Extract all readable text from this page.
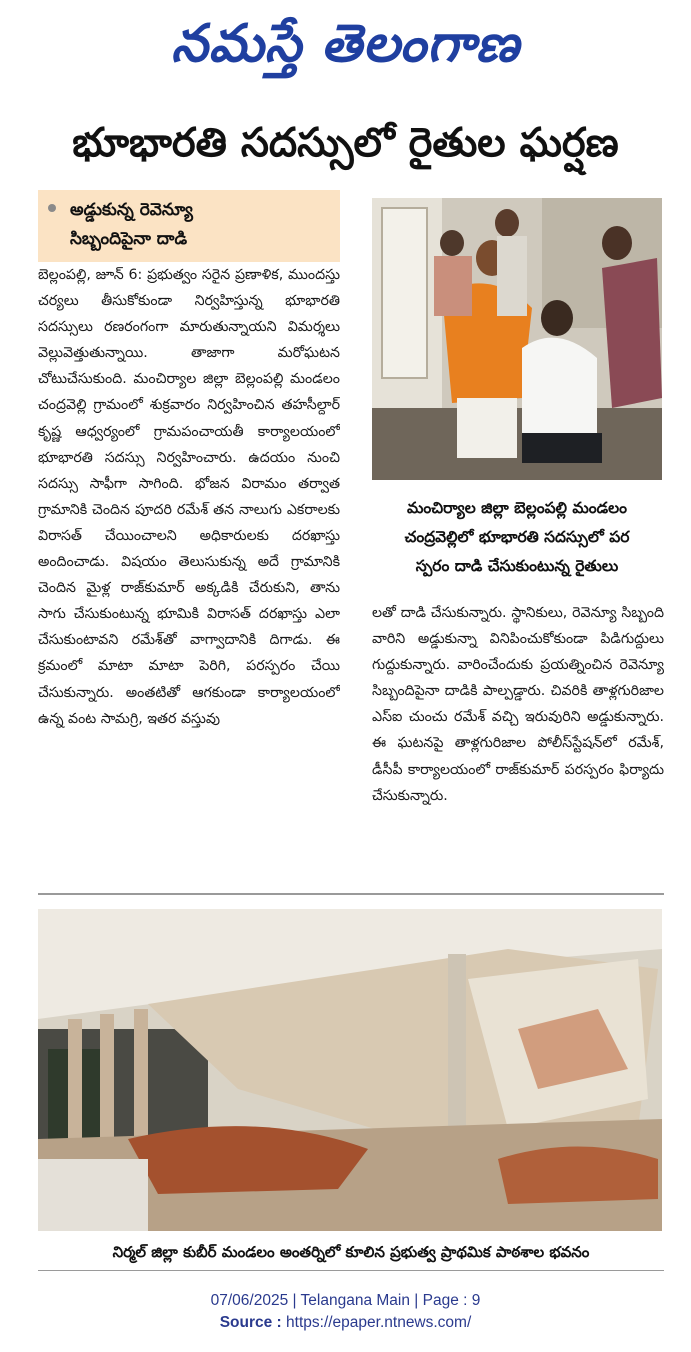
నమస్తే తెలంగాణ
భూభారతి సదస్సులో రైతుల ఘర్షణ
అడ్డుకున్న రెవెన్యూ
సిబ్బందిపైనా దాడి

బెల్లంపల్లి, జూన్ 6: ప్రభుత్వం సరైన ప్రణాళిక, ముందస్తు చర్యలు తీసుకోకుండా నిర్వహిస్తున్న భూభారతి సదస్సులు రణరంగంగా మారుతున్నాయని విమర్శలు వెల్లువెత్తుతున్నాయి. తాజాగా మరోఘటన చోటుచేసుకుంది. మంచిర్యాల జిల్లా బెల్లంపల్లి మండలం చంద్రవెల్లి గ్రామంలో శుక్రవారం నిర్వహించిన తహసీల్దార్ కృష్ణ ఆధ్వర్యంలో గ్రామపంచాయతీ కార్యాలయంలో భూభారతి సదస్సు నిర్వహించారు. ఉదయం నుంచి సదస్సు సాఫీగా సాగింది. భోజన విరామం తర్వాత గ్రామానికి చెందిన పూదరి రమేశ్ తన నాలుగు ఎకరాలకు విరాసత్ చేయించాలని అధికారులకు దరఖాస్తు అందించాడు. విషయం తెలుసుకున్న అదే గ్రామానికి చెందిన మైళ్ల రాజ్‌కుమార్ అక్కడికి చేరుకుని, తాను సాగు చేసుకుంటున్న భూమికి విరాసత్ దరఖాస్తు ఎలా చేసుకుంటావని రమేశ్‌తో వాగ్వాదానికి దిగాడు. ఈ క్రమంలో మాటా మాటా పెరిగి, పరస్పరం చేయి చేసుకున్నారు. అంతటితో ఆగకుండా కార్యాలయంలో ఉన్న వంట సామగ్రి, ఇతర వస్తువు

మంచిర్యాల జిల్లా బెల్లంపల్లి మండలం
చంద్రవెల్లిలో భూభారతి సదస్సులో పర
స్పరం దాడి చేసుకుంటున్న రైతులు

లతో దాడి చేసుకున్నారు. స్థానికులు, రెవెన్యూ సిబ్బంది వారిని అడ్డుకున్నా వినిపించుకోకుండా పిడిగుద్దులు గుద్దుకున్నారు. వారించేందుకు ప్రయత్నించిన రెవెన్యూ సిబ్బందిపైనా దాడికి పాల్పడ్డారు. చివరికి తాళ్లగురిజాల ఎస్ఐ చుంచు రమేశ్ వచ్చి ఇరువురిని అడ్డుకున్నారు. ఈ ఘటనపై తాళ్లగురిజాల పోలీస్‌స్టేషన్‌లో రమేశ్, డీసీపీ కార్యాలయంలో రాజ్‌కుమార్ పరస్పరం ఫిర్యాదు చేసుకున్నారు.

నిర్మల్ జిల్లా కుబీర్ మండలం అంతర్నిలో కూలిన ప్రభుత్వ ప్రాథమిక పాఠశాల భవనం
07/06/2025 | Telangana Main | Page : 9
Source : https://epaper.ntnews.com/
